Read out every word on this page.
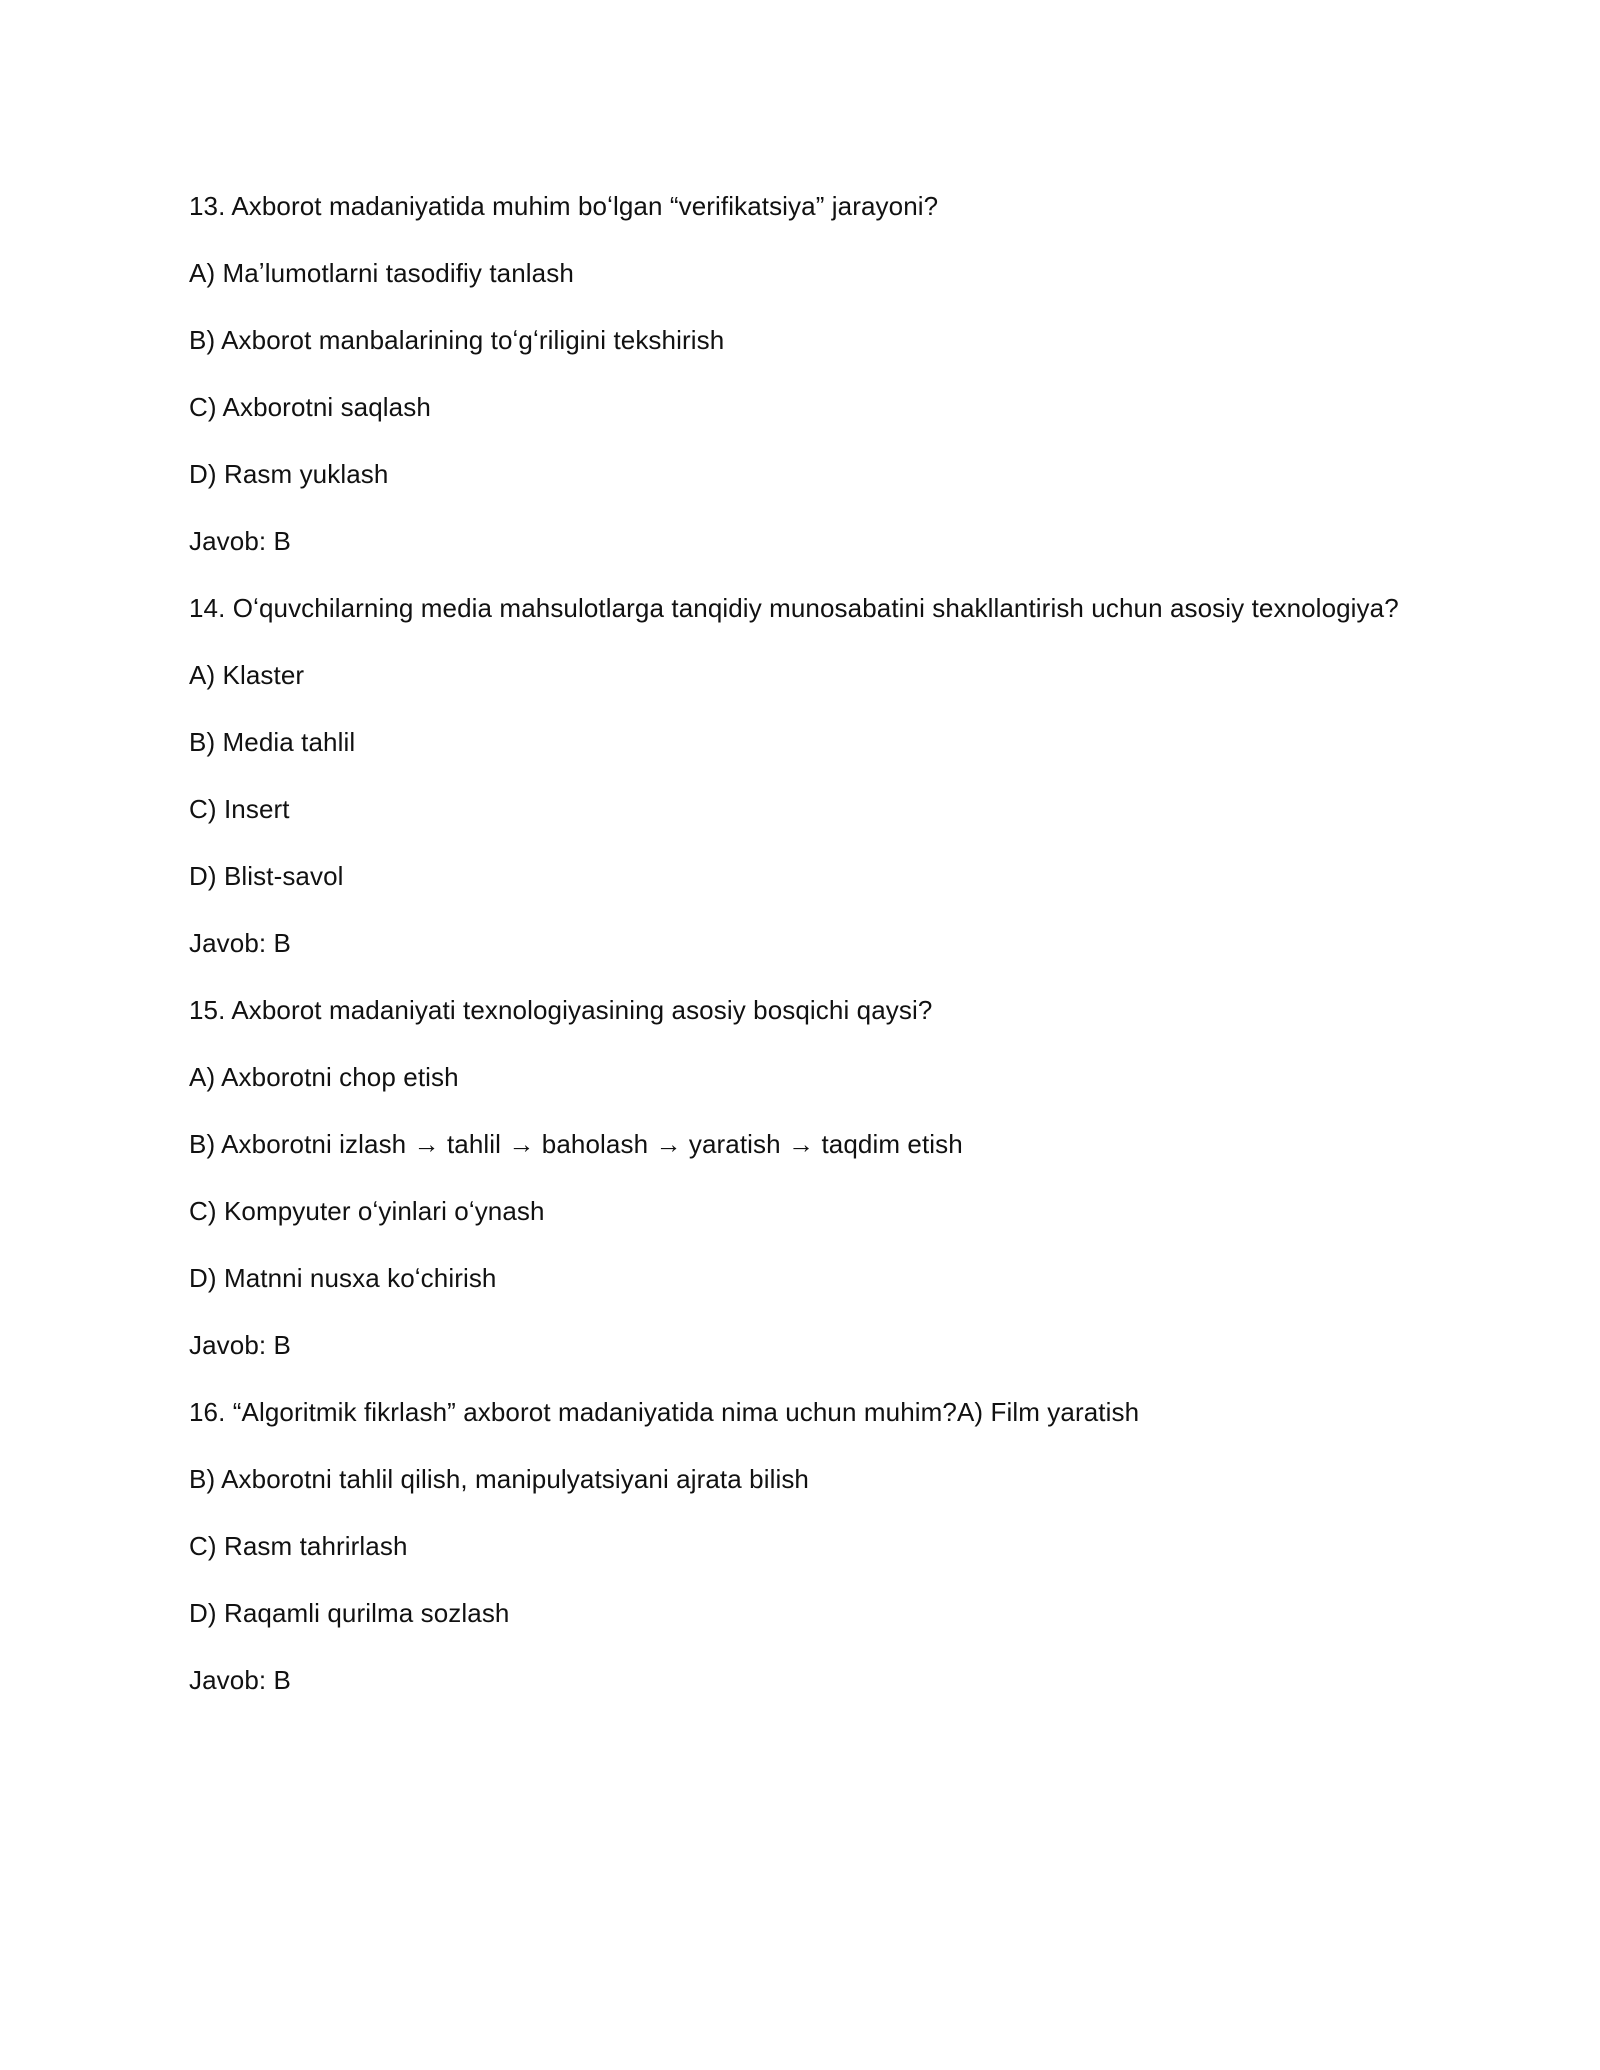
13. Axborot madaniyatida muhim boʻlgan “verifikatsiya” jarayoni?
A) Maʼlumotlarni tasodifiy tanlash
B) Axborot manbalarining toʻgʻriligini tekshirish
C) Axborotni saqlash
D) Rasm yuklash
Javob: B
14. Oʻquvchilarning media mahsulotlarga tanqidiy munosabatini shakllantirish uchun asosiy texnologiya?
A) Klaster
B) Media tahlil
C) Insert
D) Blist-savol
Javob: B
15. Axborot madaniyati texnologiyasining asosiy bosqichi qaysi?
A) Axborotni chop etish
B) Axborotni izlash → tahlil → baholash → yaratish → taqdim etish
C) Kompyuter oʻyinlari oʻynash
D) Matnni nusxa koʻchirish
Javob: B
16. “Algoritmik fikrlash” axborot madaniyatida nima uchun muhim?A) Film yaratish
B) Axborotni tahlil qilish, manipulyatsiyani ajrata bilish
C) Rasm tahrirlash
D) Raqamli qurilma sozlash
Javob: B
